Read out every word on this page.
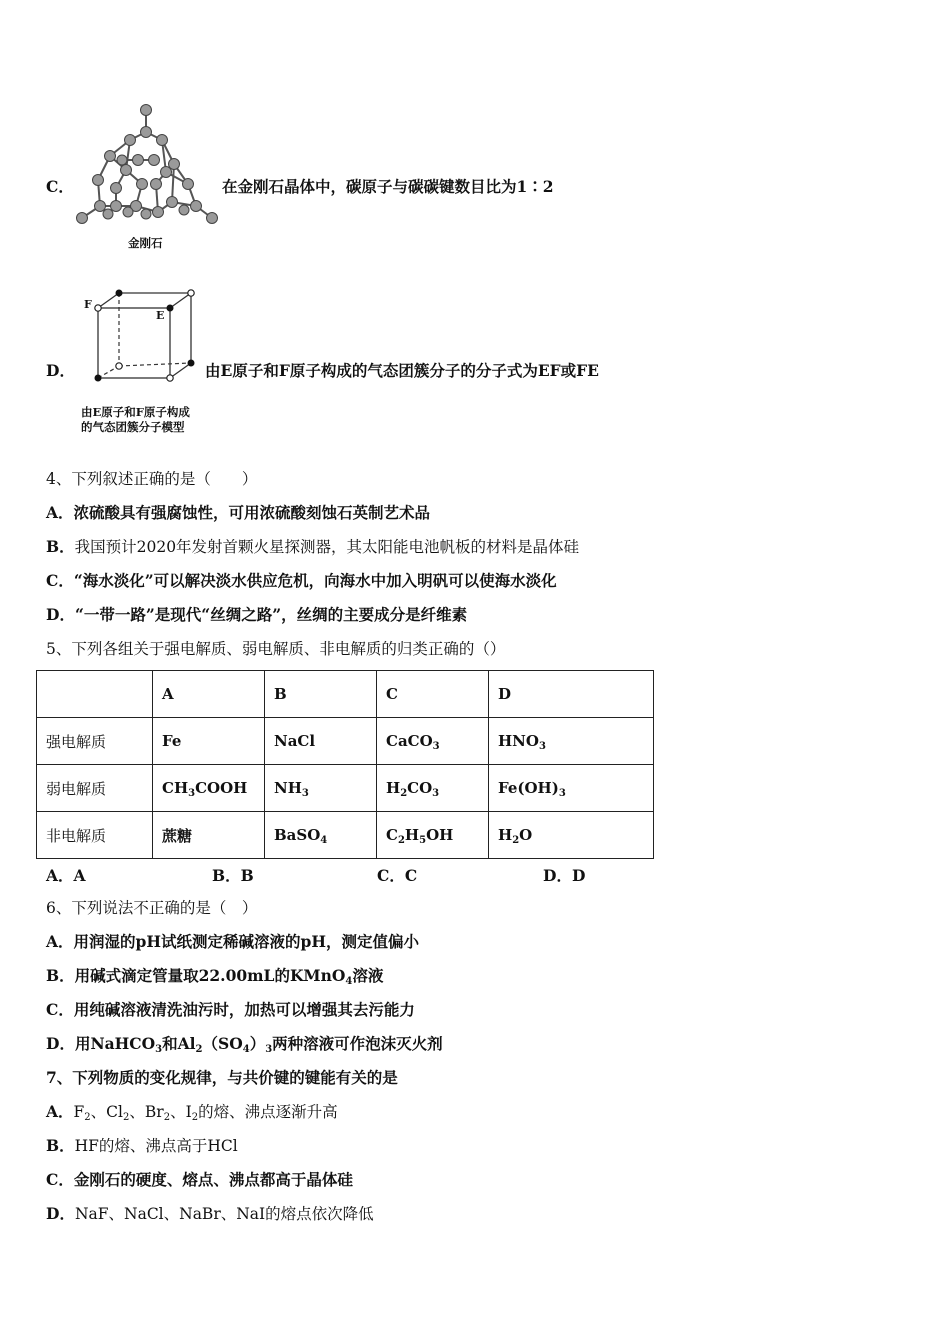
C．
金刚石
在金刚石晶体中，碳原子与碳碳键数目比为1∶2
D．
F
E
由E原子和F原子构成
的气态团簇分子模型
由E原子和F原子构成的气态团簇分子的分子式为EF或FE
4、下列叙述正确的是（　　）
A．浓硫酸具有强腐蚀性，可用浓硫酸刻蚀石英制艺术品
B．我国预计2020年发射首颗火星探测器，其太阳能电池帆板的材料是晶体硅
C．“海水淡化”可以解决淡水供应危机，向海水中加入明矾可以使海水淡化
D．“一带一路”是现代“丝绸之路”，丝绸的主要成分是纤维素
5、下列各组关于强电解质、弱电解质、非电解质的归类正确的（）
	A	B	C	D
强电解质	Fe	NaCl	CaCO$_3$	$HNO_3$
弱电解质	$CH_3COOH$	$NH_3$	$H_2CO_3$	$Fe(OH)_3$
非电解质	蔗糖	BaSO$_4$	$C_2H_5OH$	$H_2O$
A．A	B．B	C．C	D．D
6、下列说法不正确的是（　）
A．用润湿的pH试纸测定稀碱溶液的pH，测定值偏小
B．用碱式滴定管量取22.00mL的KMnO$_4$溶液
C．用纯碱溶液清洗油污时，加热可以增强其去污能力
D．用NaHCO$_3$和$Al_2(SO_4)_3$两种溶液可作泡沫灭火剂
7、下列物质的变化规律，与共价键的键能有关的是
A．$F_2$、$Cl_2$、$Br_2$、$I_2$的熔、沸点逐渐升高
B．HF的熔、沸点高于HCl
C．金刚石的硬度、熔点、沸点都高于晶体硅
D．NaF、NaCl、NaBr、NaI的熔点依次降低
